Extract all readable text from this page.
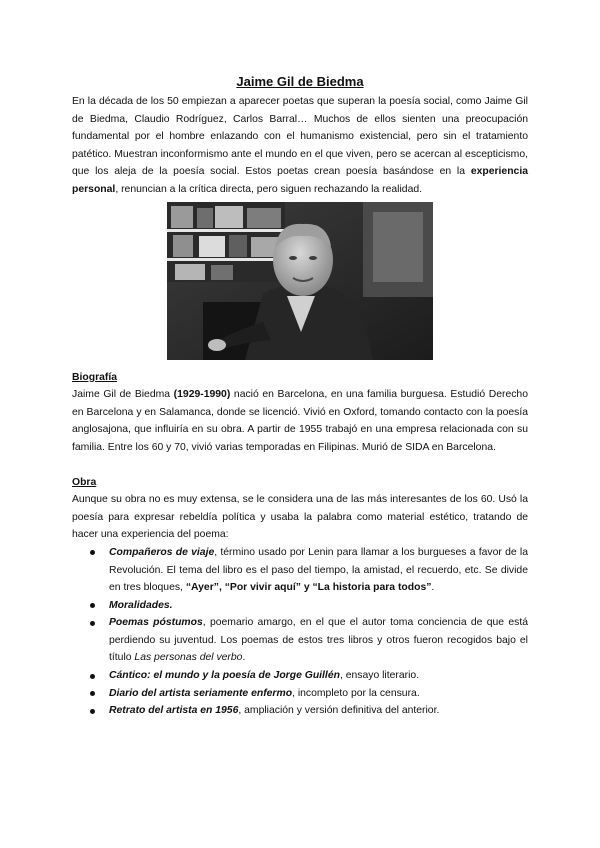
Jaime Gil de Biedma

En la década de los 50 empiezan a aparecer poetas que superan la poesía social, como Jaime Gil de Biedma, Claudio Rodríguez, Carlos Barral… Muchos de ellos sienten una preocupación fundamental por el hombre enlazando con el humanismo existencial, pero sin el tratamiento patético. Muestran inconformismo ante el mundo en el que viven, pero se acercan al escepticismo, que los aleja de la poesía social. Estos poetas crean poesía basándose en la experiencia personal, renuncian a la crítica directa, pero siguen rechazando la realidad.

Biografía

Jaime Gil de Biedma (1929-1990) nació en Barcelona, en una familia burguesa. Estudió Derecho en Barcelona y en Salamanca, donde se licenció. Vivió en Oxford, tomando contacto con la poesía anglosajona, que influiría en su obra. A partir de 1955 trabajó en una empresa relacionada con su familia. Entre los 60 y 70, vivió varias temporadas en Filipinas. Murió de SIDA en Barcelona.

Obra

Aunque su obra no es muy extensa, se le considera una de las más interesantes de los 60. Usó la poesía para expresar rebeldía política y usaba la palabra como material estético, tratando de hacer una experiencia del poema:

Compañeros de viaje, término usado por Lenin para llamar a los burgueses a favor de la Revolución. El tema del libro es el paso del tiempo, la amistad, el recuerdo, etc. Se divide en tres bloques, “Ayer”, “Por vivir aquí” y “La historia para todos”.
Moralidades.
Poemas póstumos, poemario amargo, en el que el autor toma conciencia de que está perdiendo su juventud. Los poemas de estos tres libros y otros fueron recogidos bajo el título Las personas del verbo.
Cántico: el mundo y la poesía de Jorge Guillén, ensayo literario.
Diario del artista seriamente enfermo, incompleto por la censura.
Retrato del artista en 1956, ampliación y versión definitiva del anterior.
